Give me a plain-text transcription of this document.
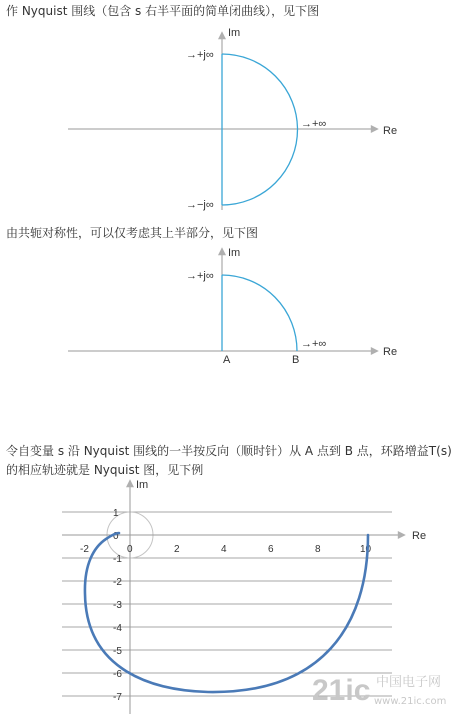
作 Nyquist 围线（包含 s 右半平面的简单闭曲线），见下图

Im
Re
→+j∞
→−j∞
→+∞

由共轭对称性，可以仅考虑其上半部分，见下图

Im
Re
→+j∞
→+∞
A	B

令自变量 s 沿 Nyquist 围线的一半按反向（顺时针）从 A 点到 B 点，环路增益T(s)的相应轨迹就是 Nyquist 图，见下例

Im
Re
-2	0	2	4	6	8	10
1
0
-1
-2
-3
-4
-5
-6
-7	21ic 中国电子网
www.21ic.com
